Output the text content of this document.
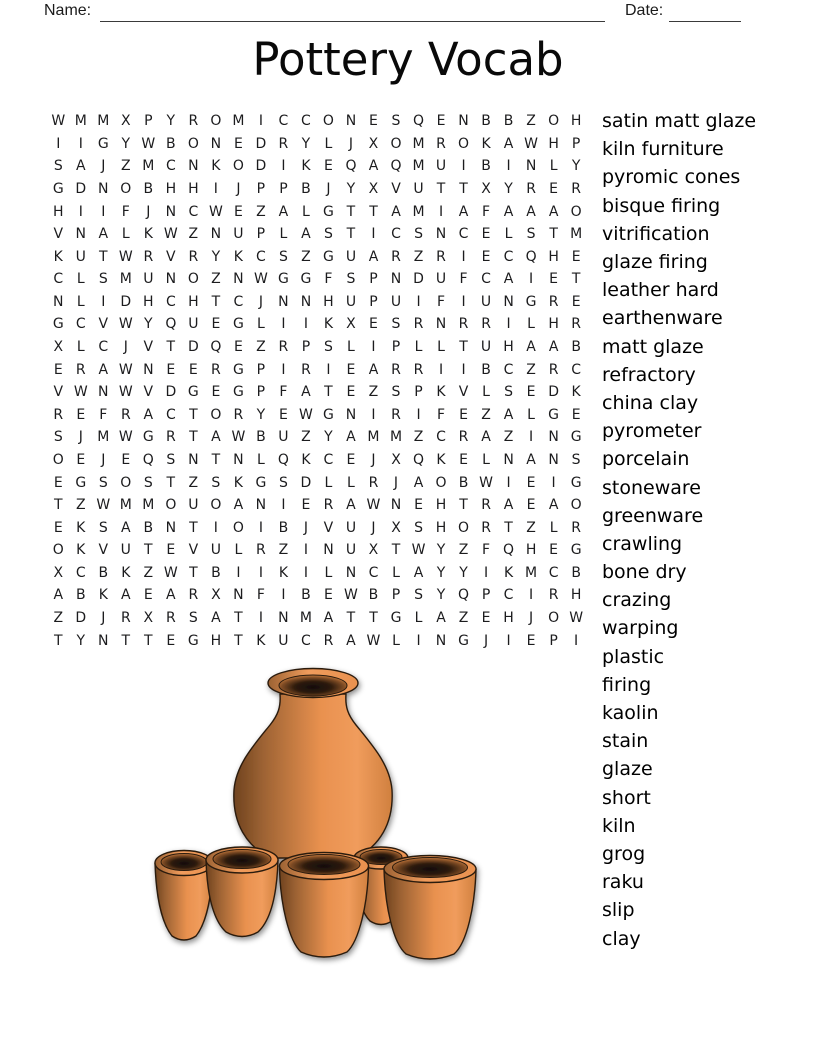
Name:	Date:
Pottery Vocab
W M M X P	Y R O M	I	C C O N E S Q E N B B Z O H
I	I	G Y W B O N E D R Y	L	J	X O M R O K A W H P
S A	J	Z M C N K O D	I	K E Q A Q M U	I	B	I	N L	Y
G D N O B H H	I	J	P	P B	J	Y X V U T T X Y R E R
H	I	I	F	J	N C W E Z A L G T T A M	I	A F A A A O
V N A L	K W Z N U P	L A S T	I	C S N C E	L	S T M
K U T W R V R Y K C S Z G U A R Z R	I	E C Q H E
C L	S M U N O Z N W G G F	S P N D U F C A	I	E T
N L	I	D H C H T C	J	N N H U P U	I	F	I	U N G R E
G C V W Y Q U E G L	I	I	K X E S R N R R	I	L H R
X L C	J	V T D Q E Z R P S	L	I	P	L	L	T U H A A B
E R A W N E E R G P	I	R	I	E A R R	I	I	B C Z R C
V W N W V D G E G P	F A T E Z S P K V L	S E D K
R E	F R A C T O R Y E W G N	I	R	I	F	E Z A L G E
S	J	M W G R T A W B U Z Y A M M Z C R A Z	I	N G
O E	J	E Q S N T N L Q K C E	J	X Q K E	L N A N S
E G S O S T Z S K G S D L	L R	J	A O B W I	E	I	G
T Z W M M O U O A N	I	E R A W N E H T R A E A O
E K S A B N T	I	O	I	B	J	V U	J	X S H O R T Z L R
O K V U T E V U L R Z	I	N U X T W Y Z F Q H E G
X C B K Z W T B	I	I	K	I	L N C L A Y Y	I	K M C B
A B K A E A R X N F	I	B E W B P S Y Q P C	I	R H
Z D	J	R X R S A T	I	N M A T T G L A Z E H	J	O W
T Y N T T E G H T K U C R A W L	I	N G	J	I	E P	I
satin matt glaze
kiln furniture
pyromic cones
bisque firing
vitrification
glaze firing
leather hard
earthenware
matt glaze
refractory
china clay
pyrometer
porcelain
stoneware
greenware
crawling
bone dry
crazing
warping
plastic
firing
kaolin
stain
glaze
short
kiln
grog
raku
slip
clay
